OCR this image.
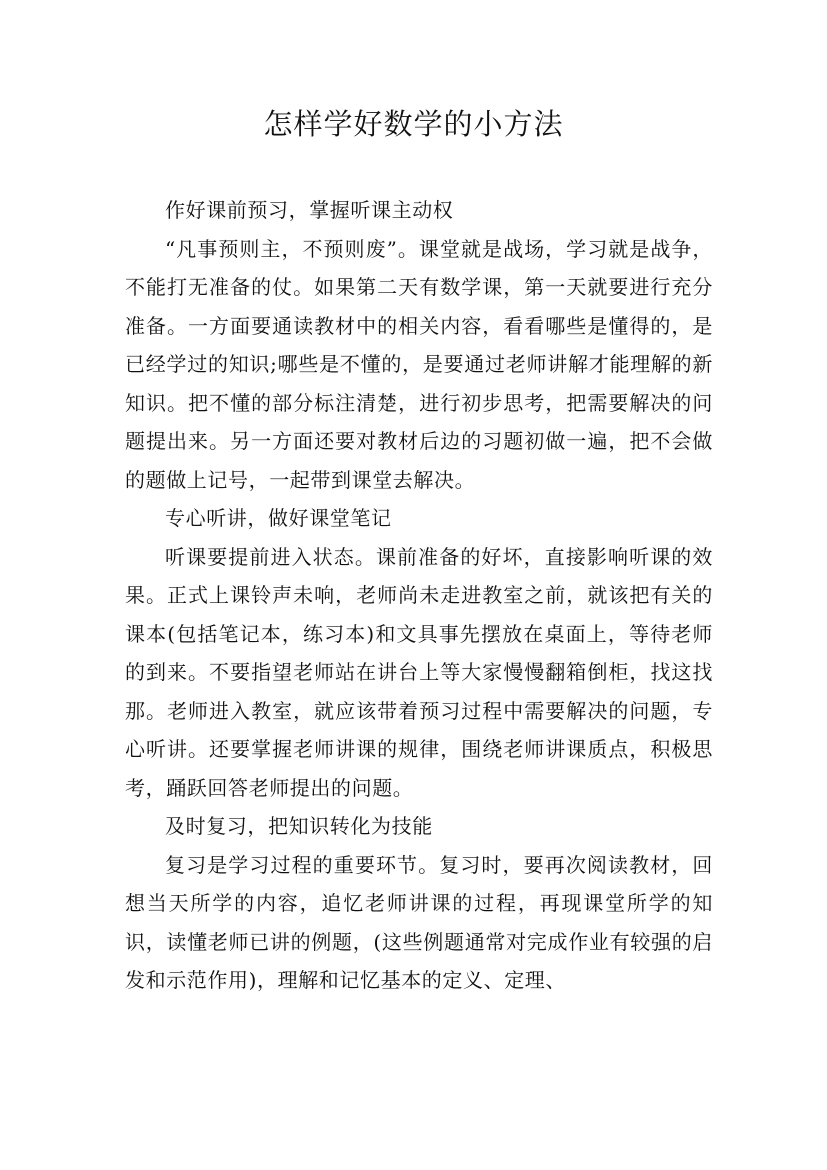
怎样学好数学的小方法

作好课前预习，掌握听课主动权

“凡事预则主，不预则废”。课堂就是战场，学习就是战争，不能打无准备的仗。如果第二天有数学课，第一天就要进行充分准备。一方面要通读教材中的相关内容，看看哪些是懂得的，是已经学过的知识;哪些是不懂的，是要通过老师讲解才能理解的新知识。把不懂的部分标注清楚，进行初步思考，把需要解决的问题提出来。另一方面还要对教材后边的习题初做一遍，把不会做的题做上记号，一起带到课堂去解决。

专心听讲，做好课堂笔记

听课要提前进入状态。课前准备的好坏，直接影响听课的效果。正式上课铃声未响，老师尚未走进教室之前，就该把有关的课本(包括笔记本，练习本)和文具事先摆放在桌面上，等待老师的到来。不要指望老师站在讲台上等大家慢慢翻箱倒柜，找这找那。老师进入教室，就应该带着预习过程中需要解决的问题，专心听讲。还要掌握老师讲课的规律，围绕老师讲课质点，积极思考，踊跃回答老师提出的问题。

及时复习，把知识转化为技能

复习是学习过程的重要环节。复习时，要再次阅读教材，回想当天所学的内容，追忆老师讲课的过程，再现课堂所学的知识，读懂老师已讲的例题，(这些例题通常对完成作业有较强的启发和示范作用)，理解和记忆基本的定义、定理、
